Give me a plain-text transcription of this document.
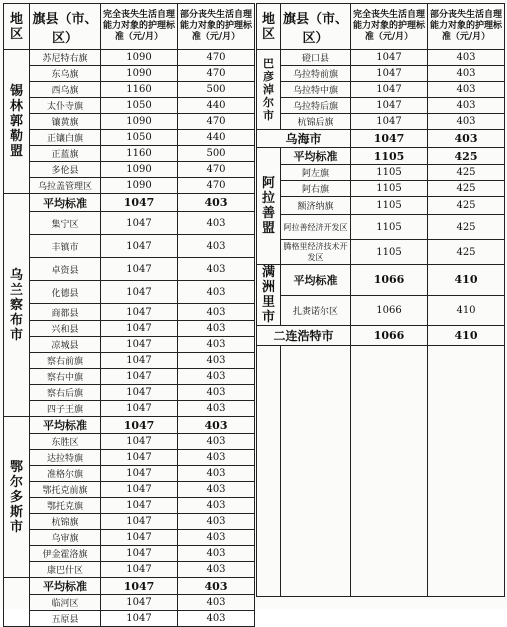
地区	旗县（市、区）	完全丧失生活自理能力对象的护理标准（元/月）	部分丧失生活自理能力对象的护理标准（元/月）
锡林郭勒盟	苏尼特右旗	1090	470
	东乌旗	1090	470
	西乌旗	1160	500
	太仆寺旗	1050	440
	镶黄旗	1090	470
	正镶白旗	1050	440
	正蓝旗	1160	500
	多伦县	1090	470
	乌拉盖管理区	1090	470
乌兰察布市	平均标准	1047	403
	集宁区	1047	403
	丰镇市	1047	403
	卓资县	1047	403
	化德县	1047	403
	商都县	1047	403
	兴和县	1047	403
	凉城县	1047	403
	察右前旗	1047	403
	察右中旗	1047	403
	察右后旗	1047	403
	四子王旗	1047	403
鄂尔多斯市	平均标准	1047	403
	东胜区	1047	403
	达拉特旗	1047	403
	准格尔旗	1047	403
	鄂托克前旗	1047	403
	鄂托克旗	1047	403
	杭锦旗	1047	403
	乌审旗	1047	403
	伊金霍洛旗	1047	403
	康巴什区	1047	403
	平均标准	1047	403
	临河区	1047	403
	五原县	1047	403
地区	旗县（市、区）	完全丧失生活自理能力对象的护理标准（元/月）	部分丧失生活自理能力对象的护理标准（元/月）
巴彦淖尔市	磴口县	1047	403
	乌拉特前旗	1047	403
	乌拉特中旗	1047	403
	乌拉特后旗	1047	403
	杭锦后旗	1047	403
乌海市		1047	403
阿拉善盟	平均标准	1105	425
	阿左旗	1105	425
	阿右旗	1105	425
	额济纳旗	1105	425
	阿拉善经济开发区	1105	425
	腾格里经济技术开发区	1105	425
满洲里市	平均标准	1066	410
	扎赉诺尔区	1066	410
二连浩特市		1066	410
